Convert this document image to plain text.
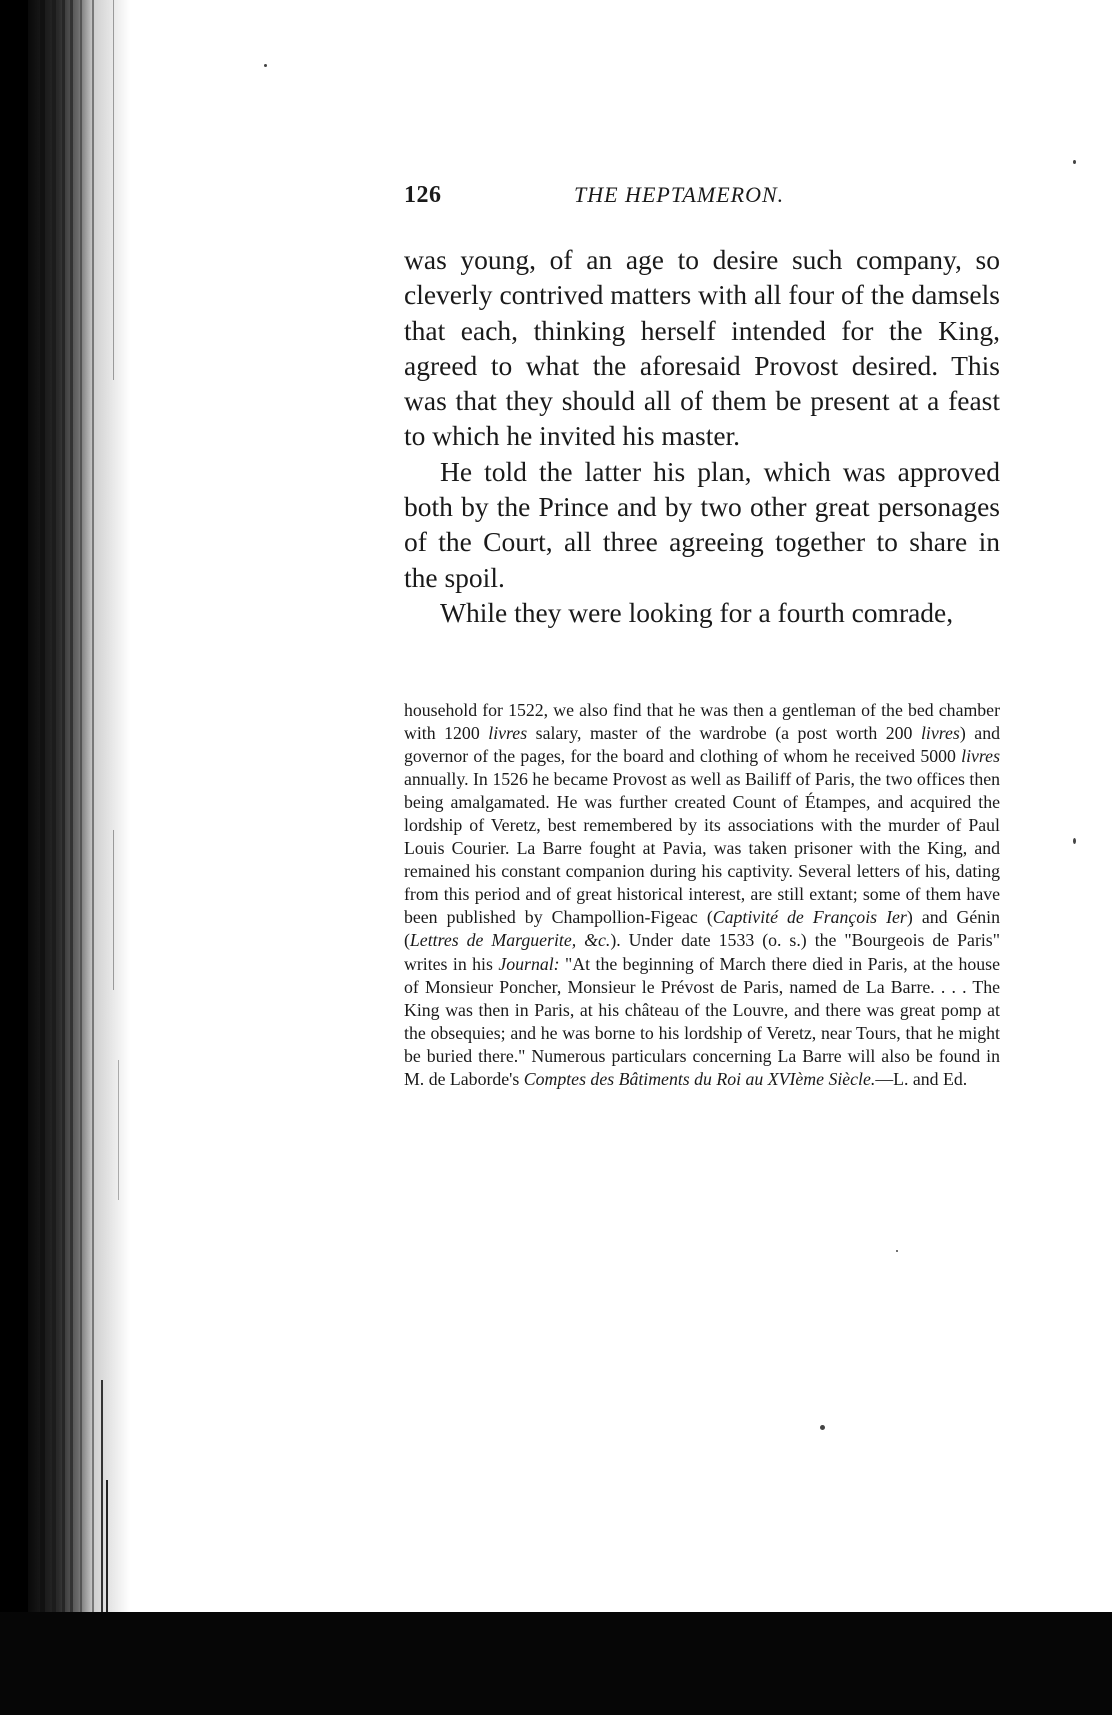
126	THE HEPTAMERON.

was young, of an age to desire such company, so cleverly contrived matters with all four of the damsels that each, thinking herself intended for the King, agreed to what the aforesaid Provost desired. This was that they should all of them be present at a feast to which he invited his master.

He told the latter his plan, which was approved both by the Prince and by two other great personages of the Court, all three agreeing together to share in the spoil.

While they were looking for a fourth comrade,

household for 1522, we also find that he was then a gentleman of the bed chamber with 1200 livres salary, master of the wardrobe (a post worth 200 livres) and governor of the pages, for the board and clothing of whom he received 5000 livres annually. In 1526 he became Provost as well as Bailiff of Paris, the two offices then being amalgamated. He was further created Count of Étampes, and acquired the lordship of Veretz, best remembered by its associations with the murder of Paul Louis Courier. La Barre fought at Pavia, was taken prisoner with the King, and remained his constant companion during his captivity. Several letters of his, dating from this period and of great historical interest, are still extant; some of them have been published by Champollion-Figeac (Captivité de François Ier) and Génin (Lettres de Marguerite, &c.). Under date 1533 (o. s.) the "Bourgeois de Paris" writes in his Journal: "At the beginning of March there died in Paris, at the house of Monsieur Poncher, Monsieur le Prévost de Paris, named de La Barre. . . . The King was then in Paris, at his château of the Louvre, and there was great pomp at the obsequies; and he was borne to his lordship of Veretz, near Tours, that he might be buried there." Numerous particulars concerning La Barre will also be found in M. de Laborde's Comptes des Bâtiments du Roi au XVIème Siècle.—L. and Ed.
